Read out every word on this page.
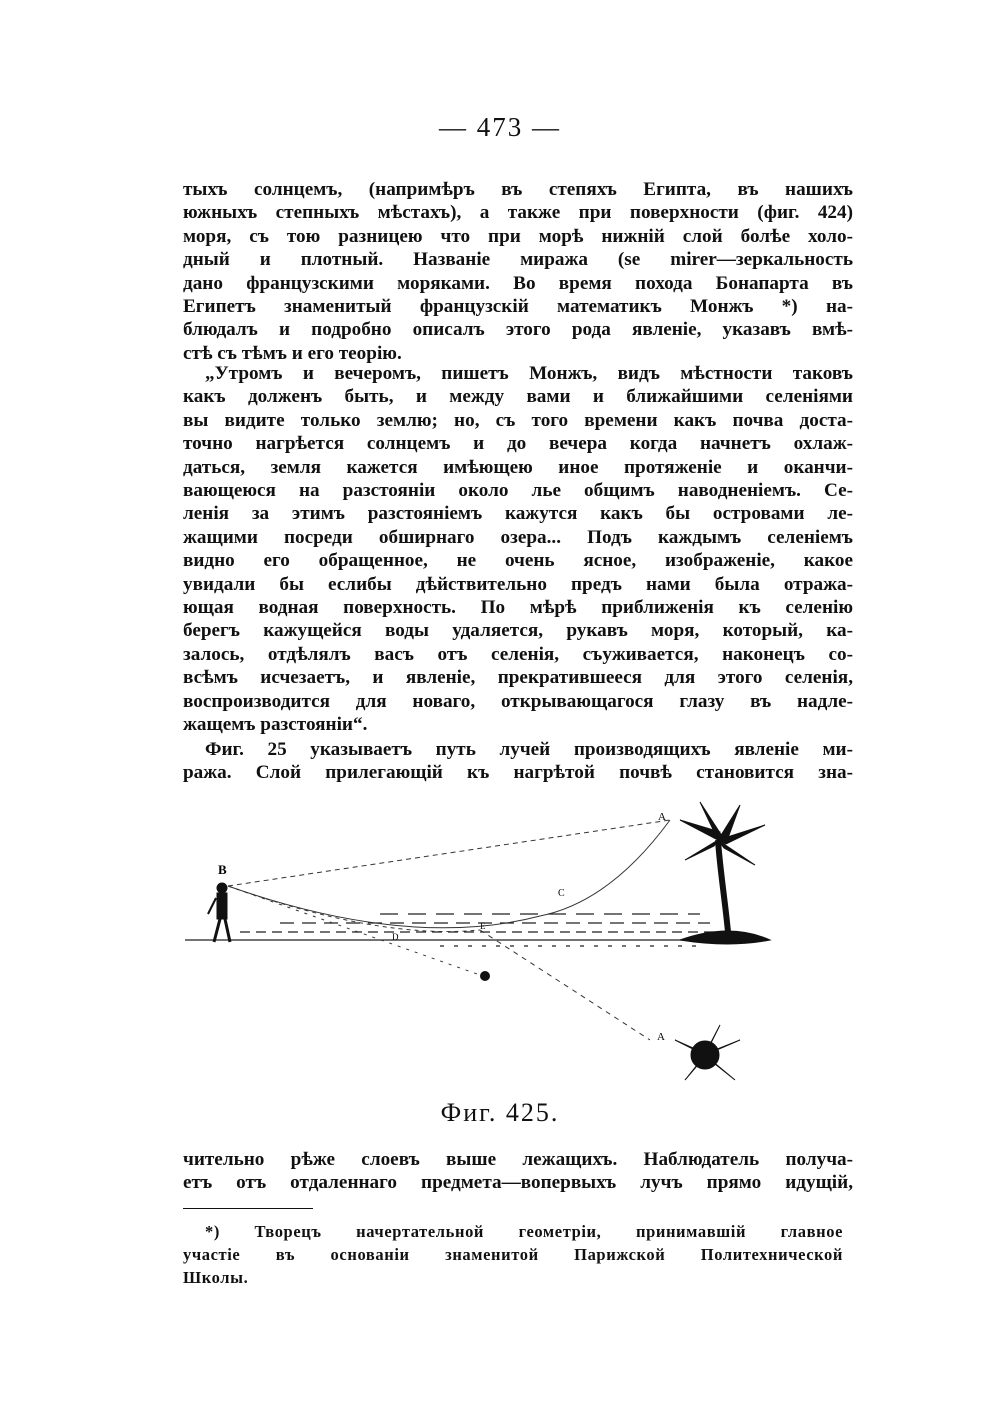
— 473 —
тыхъ солнцемъ, (напримѣръ въ степяхъ Египта, въ нашихъ
южныхъ степныхъ мѣстахъ), а также при поверхности (фиг. 424)
моря, съ тою разницею что при морѣ нижній слой болѣе холо-
дный и плотный. Названіе миража (se mirer—зеркальность
дано французскими моряками. Во время похода Бонапарта въ
Египетъ знаменитый французскій математикъ Монжъ *) на-
блюдалъ и подробно описалъ этого рода явленіе, указавъ вмѣ-
стѣ съ тѣмъ и его теорію.
„Утромъ и вечеромъ, пишетъ Монжъ, видъ мѣстности таковъ
какъ долженъ быть, и между вами и ближайшими селеніями
вы видите только землю; но, съ того времени какъ почва доста-
точно нагрѣется солнцемъ и до вечера когда начнетъ охлаж-
даться, земля кажется имѣющею иное протяженіе и оканчи-
вающеюся на разстояніи около лье общимъ наводненіемъ. Се-
ленія за этимъ разстояніемъ кажутся какъ бы островами ле-
жащими посреди обширнаго озера... Подъ каждымъ селеніемъ
видно его обращенное, не очень ясное, изображеніе, какое
увидали бы еслибы дѣйствительно предъ нами была отража-
ющая водная поверхность. По мѣрѣ приближенія къ селенію
берегъ кажущейся воды удаляется, рукавъ моря, который, ка-
залось, отдѣлялъ васъ отъ селенія, съуживается, наконецъ со-
всѣмъ исчезаетъ, и явленіе, прекратившееся для этого селенія,
воспроизводится для новаго, открывающагося глазу въ надле-
жащемъ разстояніи“.
Фиг. 25 указываетъ путь лучей производящихъ явленіе ми-
ража. Слой прилегающій къ нагрѣтой почвѣ становится зна-
B
A
A
C
D
E
Фиг. 425.
чительно рѣже слоевъ выше лежащихъ. Наблюдатель получа-
етъ отъ отдаленнаго предмета—вопервыхъ лучъ прямо идущій,
*) Творецъ начертательной геометріи, принимавшій главное
участіе въ основаніи знаменитой Парижской Политехнической
Школы.
